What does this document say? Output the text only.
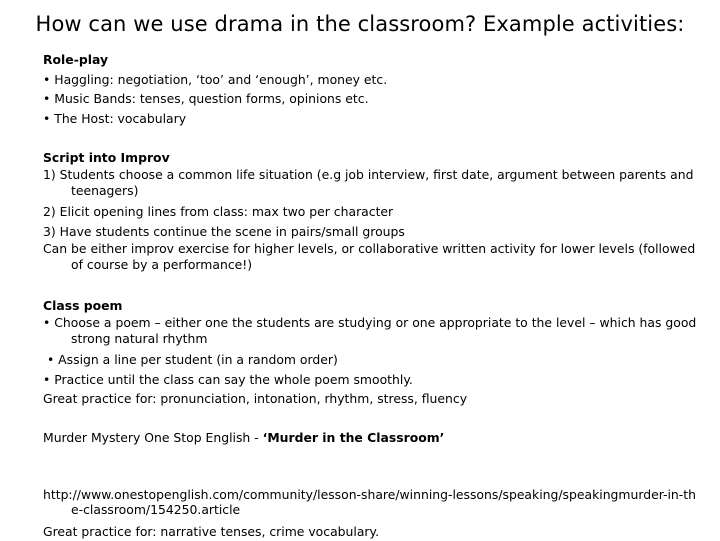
How can we use drama in the classroom? Example activities:
Role-play
• Haggling: negotiation, ‘too’ and ‘enough’, money etc.
• Music Bands: tenses, question forms, opinions etc.
• The Host: vocabulary
Script into Improv
1) Students choose a common life situation (e.g job interview, first date, argument between parents and teenagers)
2) Elicit opening lines from class: max two per character
3) Have students continue the scene in pairs/small groups
Can be either improv exercise for higher levels, or collaborative written activity for lower levels (followed of course by a performance!)
Class poem
• Choose a poem – either one the students are studying or one appropriate to the level – which has good strong natural rhythm
• Assign a line per student (in a random order)
• Practice until the class can say the whole poem smoothly.
Great practice for: pronunciation, intonation, rhythm, stress, fluency
Murder Mystery One Stop English - ‘Murder in the Classroom’
http://www.onestopenglish.com/community/lesson-share/winning-lessons/speaking/speakingmurder-in-the-classroom/154250.article
Great practice for: narrative tenses, crime vocabulary.
